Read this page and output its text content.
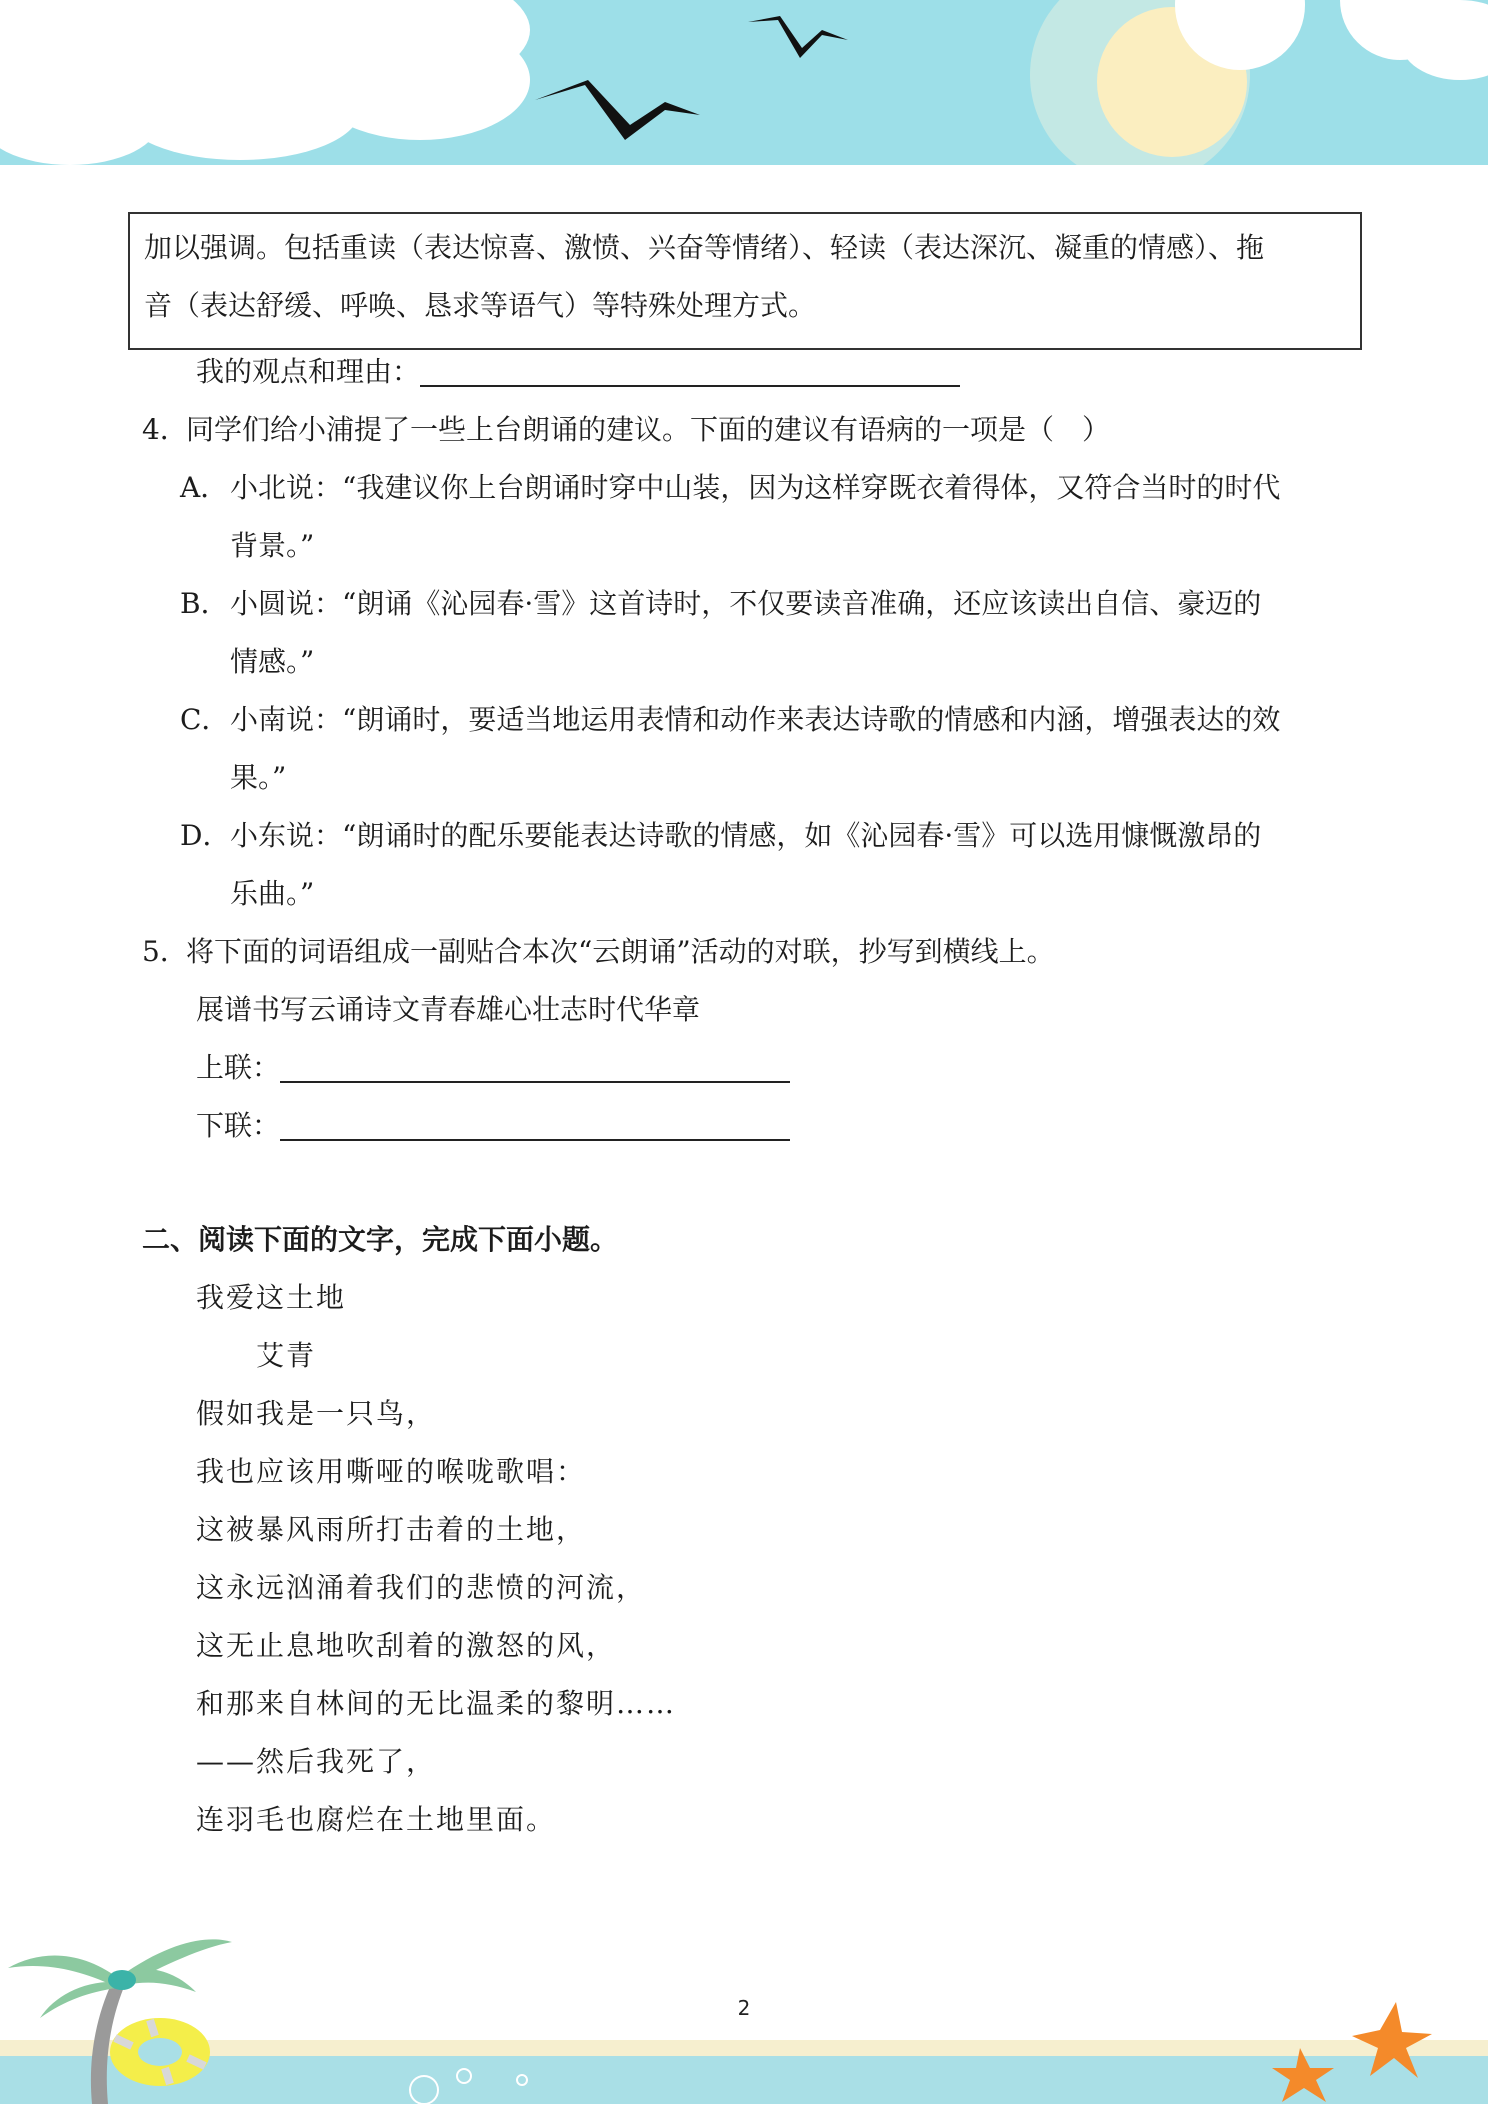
加以强调。包括重读（表达惊喜、激愤、兴奋等情绪）、轻读（表达深沉、凝重的情感）、拖
音（表达舒缓、呼唤、恳求等语气）等特殊处理方式。
我的观点和理由：
4．同学们给小浦提了一些上台朗诵的建议。下面的建议有语病的一项是（　）
A．小北说：“我建议你上台朗诵时穿中山装，因为这样穿既衣着得体，又符合当时的时代
背景。”
B．小圆说：“朗诵《沁园春·雪》这首诗时，不仅要读音准确，还应该读出自信、豪迈的
情感。”
C．小南说：“朗诵时，要适当地运用表情和动作来表达诗歌的情感和内涵，增强表达的效
果。”
D．小东说：“朗诵时的配乐要能表达诗歌的情感，如《沁园春·雪》可以选用慷慨激昂的
乐曲。”
5．将下面的词语组成一副贴合本次“云朗诵”活动的对联，抄写到横线上。
展谱书写云诵诗文青春雄心壮志时代华章
上联：
下联：
二、阅读下面的文字，完成下面小题。
我爱这土地
艾青
假如我是一只鸟，
我也应该用嘶哑的喉咙歌唱：
这被暴风雨所打击着的土地，
这永远汹涌着我们的悲愤的河流，
这无止息地吹刮着的激怒的风，
和那来自林间的无比温柔的黎明……
——然后我死了，
连羽毛也腐烂在土地里面。
2
